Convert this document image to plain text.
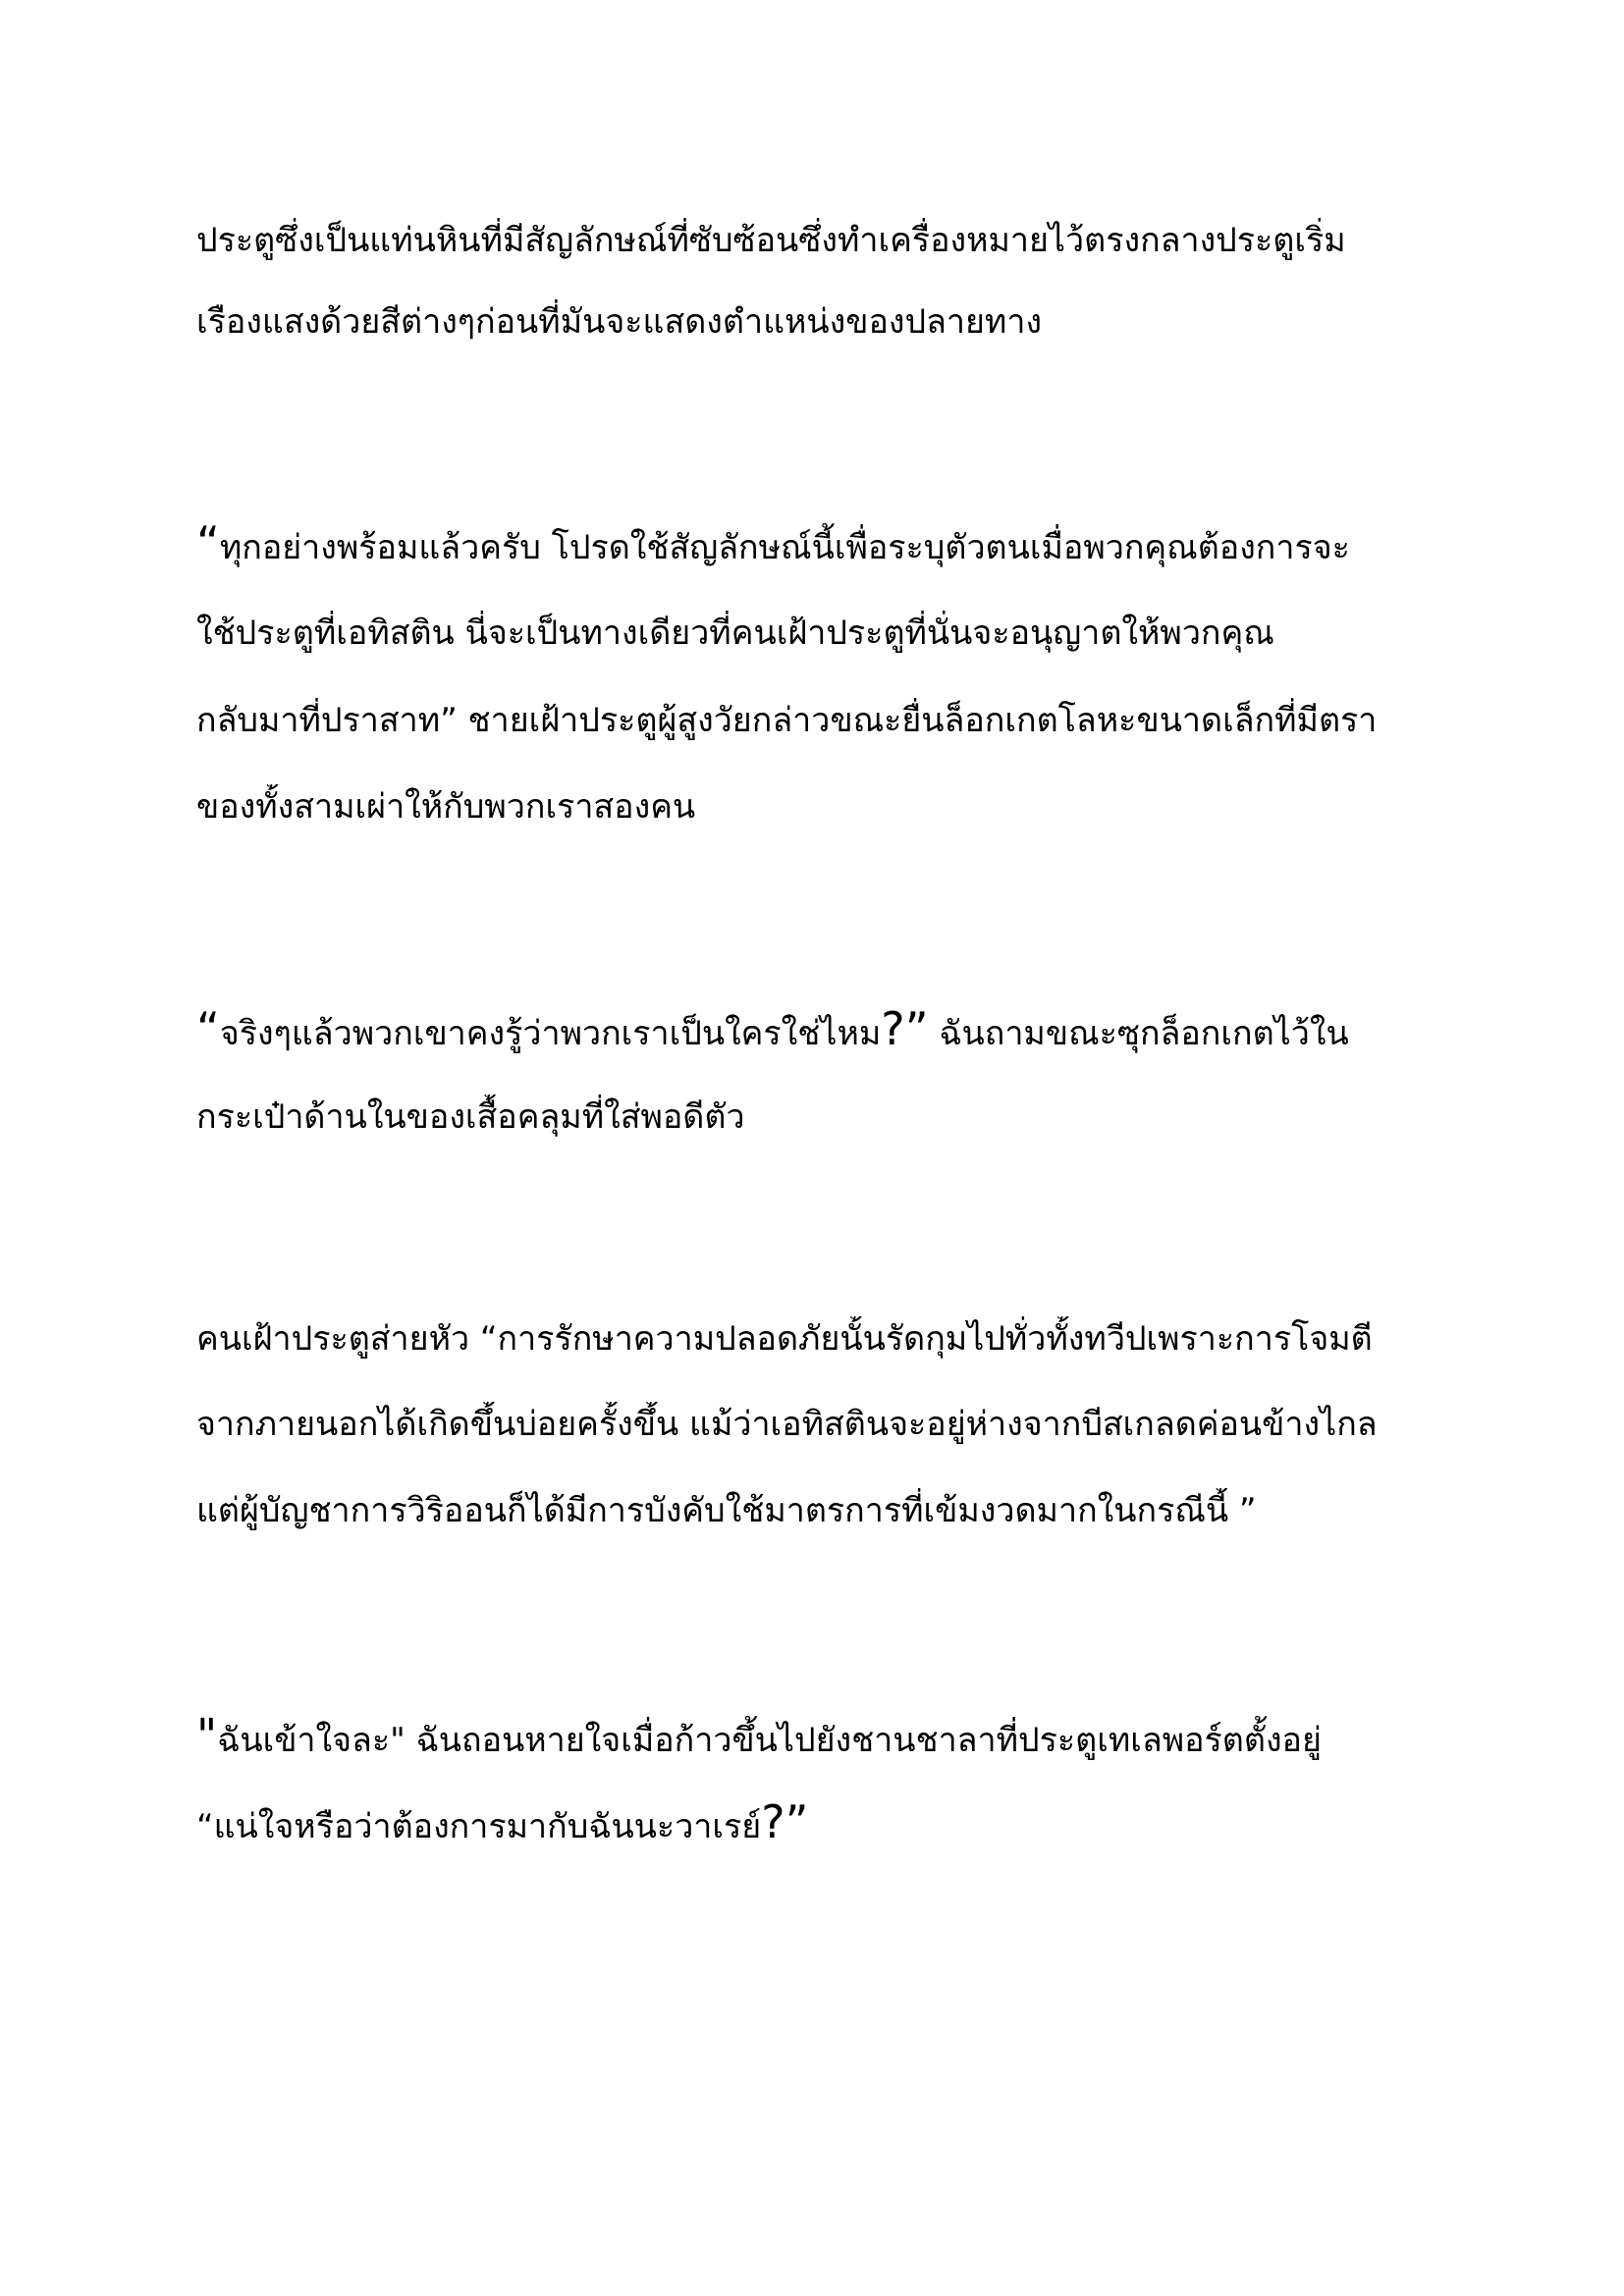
ประตูซึ่งเป็นแท่นหินที่มีสัญลักษณ์ที่ซับซ้อนซึ่งทำเครื่องหมายไว้ตรงกลางประตูเริ่ม
เรืองแสงด้วยสีต่างๆก่อนที่มันจะแสดงตำแหน่งของปลายทาง
“ทุกอย่างพร้อมแล้วครับ โปรดใช้สัญลักษณ์นี้เพื่อระบุตัวตนเมื่อพวกคุณต้องการจะ
ใช้ประตูที่เอทิสติน นี่จะเป็นทางเดียวที่คนเฝ้าประตูที่นั่นจะอนุญาตให้พวกคุณ
กลับมาที่ปราสาท” ชายเฝ้าประตูผู้สูงวัยกล่าวขณะยื่นล็อกเกตโลหะขนาดเล็กที่มีตรา
ของทั้งสามเผ่าให้กับพวกเราสองคน
“จริงๆแล้วพวกเขาคงรู้ว่าพวกเราเป็นใครใช่ไหม?” ฉันถามขณะซุกล็อกเกตไว้ใน
กระเป๋าด้านในของเสื้อคลุมที่ใส่พอดีตัว
คนเฝ้าประตูส่ายหัว “การรักษาความปลอดภัยนั้นรัดกุมไปทั่วทั้งทวีปเพราะการโจมตี
จากภายนอกได้เกิดขึ้นบ่อยครั้งขึ้น แม้ว่าเอทิสตินจะอยู่ห่างจากบีสเกลดค่อนข้างไกล
แต่ผู้บัญชาการวิริออนก็ได้มีการบังคับใช้มาตรการที่เข้มงวดมากในกรณีนี้ ”
"ฉันเข้าใจละ" ฉันถอนหายใจเมื่อก้าวขึ้นไปยังชานชาลาที่ประตูเทเลพอร์ตตั้งอยู่
“แน่ใจหรือว่าต้องการมากับฉันนะวาเรย์?”
